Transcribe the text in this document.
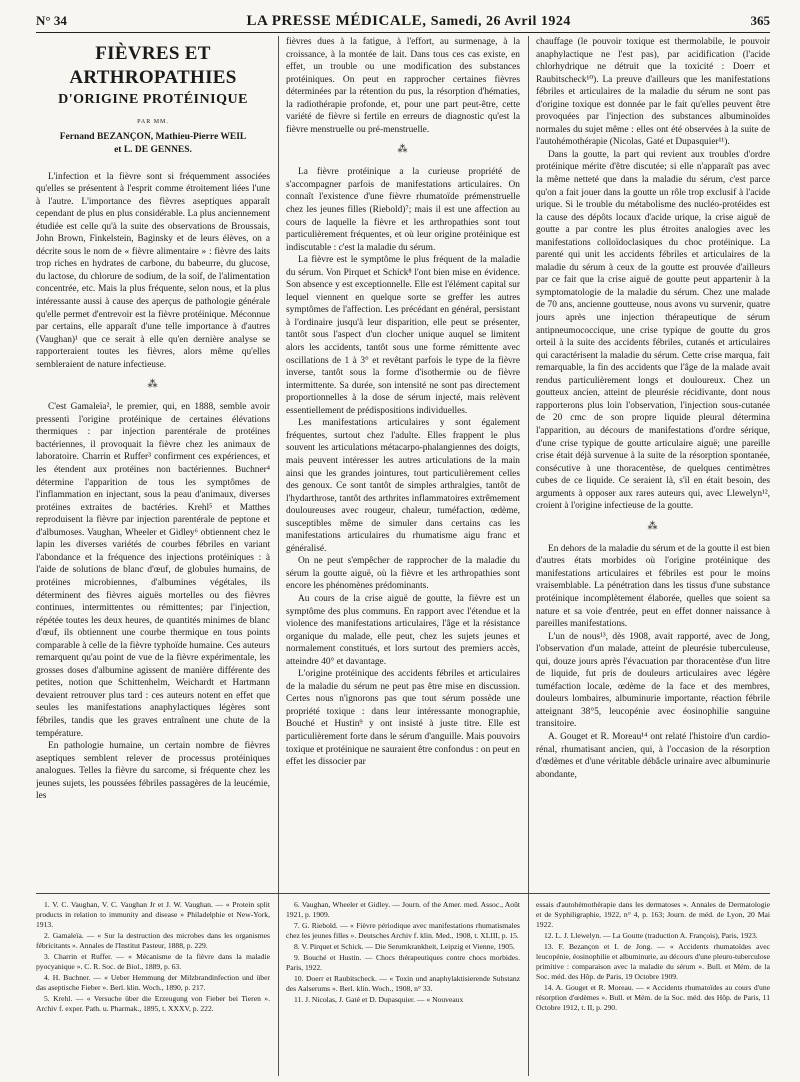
N° 34	LA PRESSE MÉDICALE, Samedi, 26 Avril 1924	365
FIÈVRES ET ARTHROPATHIES
D'ORIGINE PROTÉINIQUE
PAR MM.
Fernand BEZANÇON, Mathieu-Pierre WEIL
et L. DE GENNES.

L'infection et la fièvre sont si fréquemment associées qu'elles se présentent à l'esprit comme étroitement liées l'une à l'autre. L'importance des fièvres aseptiques apparaît cependant de plus en plus considérable. La plus anciennement étudiée est celle qu'à la suite des observations de Broussais, John Brown, Finkelstein, Baginsky et de leurs élèves, on a décrite sous le nom de « fièvre alimentaire » : fièvre des laits trop riches en hydrates de carbone, du babeurre, du glucose, du lactose, du chlorure de sodium, de la soif, de l'alimentation concentrée, etc. Mais la plus fréquente, selon nous, et la plus intéressante aussi à cause des aperçus de pathologie générale qu'elle permet d'entrevoir est la fièvre protéinique. Méconnue par certains, elle apparaît d'une telle importance à d'autres (Vaughan)¹ que ce serait à elle qu'en dernière analyse se rapporteraient toutes les fièvres, alors même qu'elles sembleraient de nature infectieuse.

⁂

C'est Gamaleïa², le premier, qui, en 1888, semble avoir pressenti l'origine protéinique de certaines élévations thermiques : par injection parentérale de protéines bactériennes, il provoquait la fièvre chez les animaux de laboratoire. Charrin et Ruffer³ confirment ces expériences, et les étendent aux protéines non bactériennes. Buchner⁴ détermine l'apparition de tous les symptômes de l'inflammation en injectant, sous la peau d'animaux, diverses protéines extraites de bactéries. Krehl⁵ et Matthes reproduisent la fièvre par injection parentérale de peptone et d'albumoses. Vaughan, Wheeler et Gidley⁶ obtiennent chez le lapin les diverses variétés de courbes fébriles en variant l'abondance et la fréquence des injections protéiniques : à l'aide de solutions de blanc d'œuf, de globules humains, de protéines microbiennes, d'albumines végétales, ils déterminent des fièvres aiguës mortelles ou des fièvres continues, intermittentes ou rémittentes; par l'injection, répétée toutes les deux heures, de quantités minimes de blanc d'œuf, ils obtiennent une courbe thermique en tous points comparable à celle de la fièvre typhoïde humaine. Ces auteurs remarquent qu'au point de vue de la fièvre expérimentale, les grosses doses d'albumine agissent de manière différente des petites, notion que Schittenhelm, Weichardt et Hartmann devaient retrouver plus tard : ces auteurs notent en effet que seules les manifestations anaphylactiques légères sont fébriles, tandis que les graves entraînent une chute de la température.

En pathologie humaine, un certain nombre de fièvres aseptiques semblent relever de processus protéiniques analogues. Telles la fièvre du sarcome, si fréquente chez les jeunes sujets, les poussées fébriles passagères de la leucémie, les

fièvres dues à la fatigue, à l'effort, au surmenage, à la croissance, à la montée de lait. Dans tous ces cas existe, en effet, un trouble ou une modification des substances protéiniques. On peut en rapprocher certaines fièvres déterminées par la rétention du pus, la résorption d'hématies, la radiothérapie profonde, et, pour une part peut-être, cette variété de fièvre si fertile en erreurs de diagnostic qu'est la fièvre menstruelle ou pré-menstruelle.

⁂

La fièvre protéinique a la curieuse propriété de s'accompagner parfois de manifestations articulaires. On connaît l'existence d'une fièvre rhumatoïde prémenstruelle chez les jeunes filles (Riebold)⁷; mais il est une affection au cours de laquelle la fièvre et les arthropathies sont tout particulièrement fréquentes, et où leur origine protéinique est indiscutable : c'est la maladie du sérum.

La fièvre est le symptôme le plus fréquent de la maladie du sérum. Von Pirquet et Schick⁸ l'ont bien mise en évidence. Son absence y est exceptionnelle. Elle est l'élément capital sur lequel viennent en quelque sorte se greffer les autres symptômes de l'affection. Les précédant en général, persistant à l'ordinaire jusqu'à leur disparition, elle peut se présenter, tantôt sous l'aspect d'un clocher unique auquel se limitent alors les accidents, tantôt sous une forme rémittente avec oscillations de 1 à 3° et revêtant parfois le type de la fièvre inverse, tantôt sous la forme d'isothermie ou de fièvre intermittente. Sa durée, son intensité ne sont pas directement proportionnelles à la dose de sérum injecté, mais relèvent essentiellement de prédispositions individuelles.

Les manifestations articulaires y sont également fréquentes, surtout chez l'adulte. Elles frappent le plus souvent les articulations métacarpo-phalangiennes des doigts, mais peuvent intéresser les autres articulations de la main ainsi que les grandes jointures, tout particulièrement celles des genoux. Ce sont tantôt de simples arthralgies, tantôt de l'hydarthrose, tantôt des arthrites inflammatoires extrêmement douloureuses avec rougeur, chaleur, tuméfaction, œdème, susceptibles même de simuler dans certains cas les manifestations articulaires du rhumatisme aigu franc et généralisé.

On ne peut s'empêcher de rapprocher de la maladie du sérum la goutte aiguë, où la fièvre et les arthropathies sont encore les phénomènes prédominants.

Au cours de la crise aiguë de goutte, la fièvre est un symptôme des plus communs. En rapport avec l'étendue et la violence des manifestations articulaires, l'âge et la résistance organique du malade, elle peut, chez les sujets jeunes et normalement constitués, et lors surtout des premiers accès, atteindre 40° et davantage.

L'origine protéinique des accidents fébriles et articulaires de la maladie du sérum ne peut pas être mise en discussion. Certes nous n'ignorons pas que tout sérum possède une propriété toxique : dans leur intéressante monographie, Bouché et Hustin⁹ y ont insisté à juste titre. Elle est particulièrement forte dans le sérum d'anguille. Mais pouvoirs toxique et protéinique ne sauraient être confondus : on peut en effet les dissocier par

chauffage (le pouvoir toxique est thermolabile, le pouvoir anaphylactique ne l'est pas), par acidification (l'acide chlorhydrique ne détruit que la toxicité : Doerr et Raubitscheck¹⁰). La preuve d'ailleurs que les manifestations fébriles et articulaires de la maladie du sérum ne sont pas d'origine toxique est donnée par le fait qu'elles peuvent être provoquées par l'injection des substances albuminoïdes normales du sujet même : elles ont été observées à la suite de l'autohémothérapie (Nicolas, Gaté et Dupasquier¹¹).

Dans la goutte, la part qui revient aux troubles d'ordre protéinique mérite d'être discutée; si elle n'apparaît pas avec la même netteté que dans la maladie du sérum, c'est parce qu'on a fait jouer dans la goutte un rôle trop exclusif à l'acide urique. Si le trouble du métabolisme des nucléo-protéides est la cause des dépôts locaux d'acide urique, la crise aiguë de goutte a par contre les plus étroites analogies avec les manifestations colloïdoclasiques du choc protéinique. La parenté qui unit les accidents fébriles et articulaires de la maladie du sérum à ceux de la goutte est prouvée d'ailleurs par ce fait que la crise aiguë de goutte peut appartenir à la symptomatologie de la maladie du sérum. Chez une malade de 70 ans, ancienne goutteuse, nous avons vu survenir, quatre jours après une injection thérapeutique de sérum antipneumococcique, une crise typique de goutte du gros orteil à la suite des accidents fébriles, cutanés et articulaires qui caractérisent la maladie du sérum. Cette crise marqua, fait remarquable, la fin des accidents que l'âge de la malade avait rendus particulièrement longs et douloureux. Chez un goutteux ancien, atteint de pleurésie récidivante, dont nous rapporterons plus loin l'observation, l'injection sous-cutanée de 20 cmc de son propre liquide pleural détermina l'apparition, au décours de manifestations d'ordre sérique, d'une crise typique de goutte articulaire aiguë; une pareille crise était déjà survenue à la suite de la résorption spontanée, consécutive à une thoracentèse, de quelques centimètres cubes de ce liquide. Ce seraient là, s'il en était besoin, des arguments à opposer aux rares auteurs qui, avec Llewelyn¹², croient à l'origine infectieuse de la goutte.

⁂

En dehors de la maladie du sérum et de la goutte il est bien d'autres états morbides où l'origine protéinique des manifestations articulaires et fébriles est pour le moins vraisemblable. La pénétration dans les tissus d'une substance protéinique incomplètement élaborée, quelles que soient sa nature et sa voie d'entrée, peut en effet donner naissance à pareilles manifestations.

L'un de nous¹³, dès 1908, avait rapporté, avec de Jong, l'observation d'un malade, atteint de pleurésie tuberculeuse, qui, douze jours après l'évacuation par thoracentèse d'un litre de liquide, fut pris de douleurs articulaires avec légère tuméfaction locale, œdème de la face et des membres, douleurs lombaires, albuminurie importante, réaction fébrile atteignant 38°5, leucopénie avec éosinophilie sanguine transitoire.

A. Gouget et R. Moreau¹⁴ ont relaté l'histoire d'un cardio-rénal, rhumatisant ancien, qui, à l'occasion de la résorption d'œdèmes et d'une véritable débâcle urinaire avec albuminurie abondante,

1. V. C. Vaughan, V. C. Vaughan Jr et J. W. Vaughan. — « Protein split products in relation to immunity and disease » Philadelphie et New-York, 1913.

2. Gamaleïa. — « Sur la destruction des microbes dans les organismes fébricitants ». Annales de l'Institut Pasteur, 1888, p. 229.

3. Charrin et Ruffer. — « Mécanisme de la fièvre dans la maladie pyocyanique ». C. R. Soc. de Biol., 1889, p. 63.

4. H. Buchner. — « Ueber Hemmung der Milzbrandinfection und über das aseptische Fieber ». Berl. klin. Woch., 1890, p. 217.

5. Krehl. — « Versuche über die Erzeugung von Fieber bei Tieren ». Archiv f. exper. Path. u. Pharmak., 1895, t. XXXV, p. 222.

6. Vaughan, Wheeler et Gidley. — Journ. of the Amer. med. Assoc., Août 1921, p. 1909.

7. G. Riebold. — « Fièvre périodique avec manifestations rhumatismales chez les jeunes filles ». Deutsches Archiv f. klin. Med., 1908, t. XLIII, p. 15.

8. V. Pirquet et Schick. — Die Serumkrankheit, Leipzig et Vienne, 1905.

9. Bouché et Hustin. — Chocs thérapeutiques contre chocs morbides. Paris, 1922.

10. Doerr et Raubitscheck. — « Toxin und anaphylaktisierende Substanz des Aalserums ». Berl. klin. Woch., 1908, n° 33.

11. J. Nicolas, J. Gaté et D. Dupasquier. — « Nouveaux

essais d'autohémothérapie dans les dermatoses ». Annales de Dermatologie et de Syphiligraphie, 1922, n° 4, p. 163; Journ. de méd. de Lyon, 20 Mai 1922.

12. L. J. Llewelyn. — La Goutte (traduction A. François), Paris, 1923.

13. F. Bezançon et I. de Jong. — « Accidents rhumatoïdes avec leucopénie, éosinophilie et albuminurie, au décours d'une pleuro-tuberculose primitive : comparaison avec la maladie du sérum ». Bull. et Mém. de la Soc. méd. des Hôp. de Paris, 19 Octobre 1909.

14. A. Gouget et R. Moreau. — « Accidents rhumatoïdes au cours d'une résorption d'œdèmes ». Bull. et Mém. de la Soc. méd. des Hôp. de Paris, 11 Octobre 1912, t. II, p. 290.
